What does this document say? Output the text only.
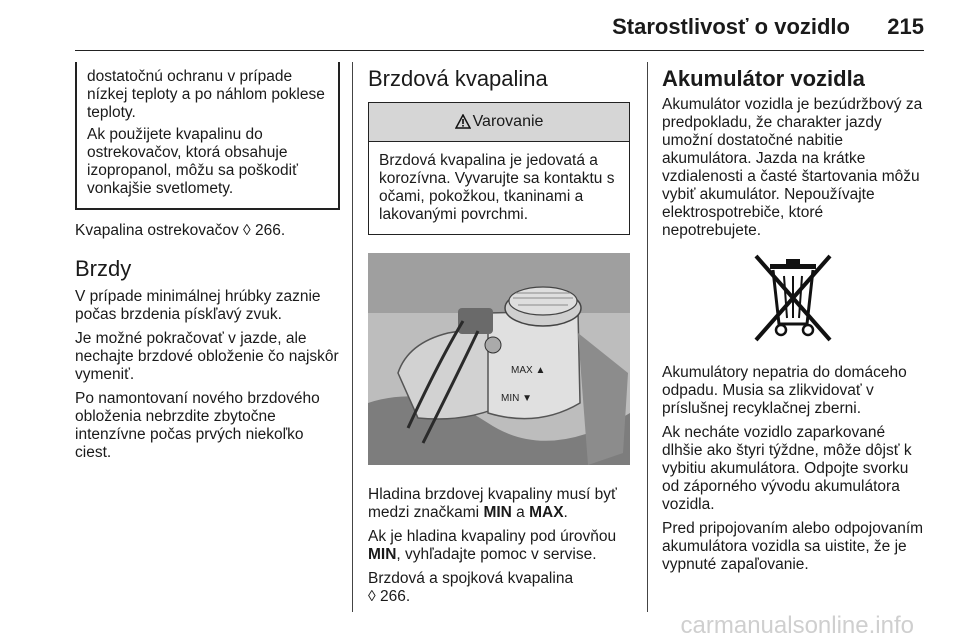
Starostlivosť o vozidlo 215

dostatočnú ochranu v prípade nízkej teploty a po náhlom poklese teploty.

Ak použijete kvapalinu do ostrekovačov, ktorá obsahuje izopropanol, môžu sa poškodiť vonkajšie svetlomety.

Kvapalina ostrekovačov ◊ 266.

Brzdy

V prípade minimálnej hrúbky zaznie počas brzdenia pískľavý zvuk.

Je možné pokračovať v jazde, ale nechajte brzdové obloženie čo najskôr vymeniť.

Po namontovaní nového brzdového obloženia nebrzdite zbytočne intenzívne počas prvých niekoľko ciest.

Brzdová kvapalina
Varovanie

Brzdová kvapalina je jedovatá a korozívna. Vyvarujte sa kontaktu s očami, pokožkou, tkaninami a lakovanými povrchmi.

MAX ▲
MIN ▼

Hladina brzdovej kvapaliny musí byť medzi značkami MIN a MAX.

Ak je hladina kvapaliny pod úrovňou MIN, vyhľadajte pomoc v servise.

Brzdová a spojková kvapalina
◊ 266.

Akumulátor vozidla

Akumulátor vozidla je bezúdržbový za predpokladu, že charakter jazdy umožní dostatočné nabitie akumulátora. Jazda na krátke vzdialenosti a časté štartovania môžu vybiť akumulátor. Nepoužívajte elektrospotrebiče, ktoré nepotrebujete.

Akumulátory nepatria do domáceho odpadu. Musia sa zlikvidovať v príslušnej recyklačnej zberni.

Ak necháte vozidlo zaparkované dlhšie ako štyri týždne, môže dôjsť k vybitiu akumulátora. Odpojte svorku od záporného vývodu akumulátora vozidla.

Pred pripojovaním alebo odpojovaním akumulátora vozidla sa uistite, že je vypnuté zapaľovanie.

carmanualsonline.info
